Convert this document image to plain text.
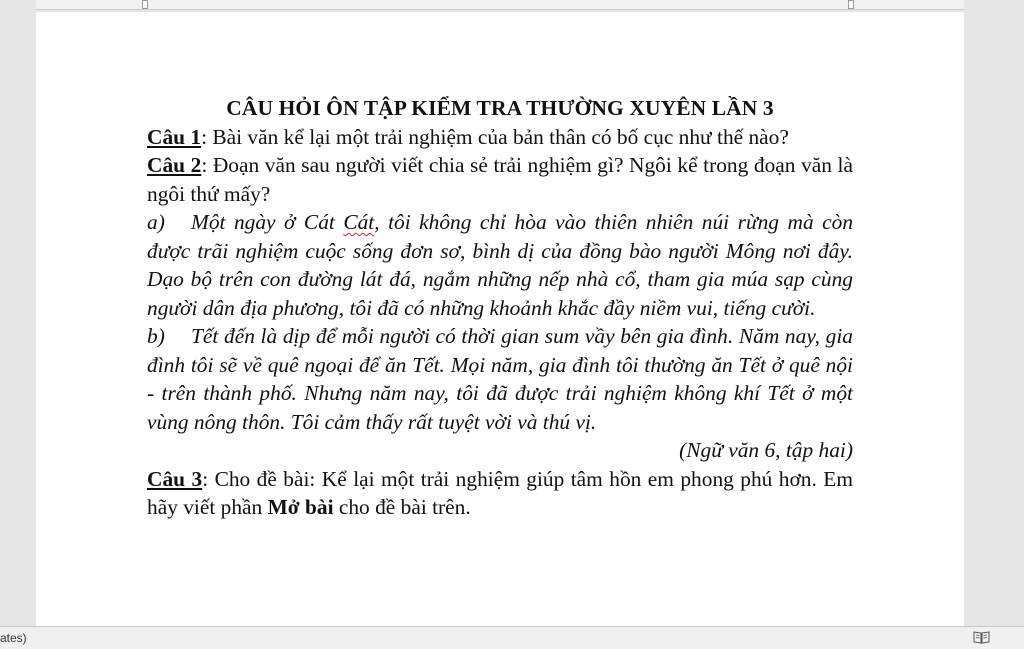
CÂU HỎI ÔN TẬP KIỂM TRA THƯỜNG XUYÊN LẦN 3
Câu 1: Bài văn kể lại một trải nghiệm của bản thân có bố cục như thế nào?
Câu 2: Đoạn văn sau người viết chia sẻ trải nghiệm gì? Ngôi kể trong đoạn văn là ngôi thứ mấy?
a) Một ngày ở Cát Cát, tôi không chỉ hòa vào thiên nhiên núi rừng mà còn được trãi nghiệm cuộc sống đơn sơ, bình dị của đồng bào người Mông nơi đây. Dạo bộ trên con đường lát đá, ngắm những nếp nhà cổ, tham gia múa sạp cùng người dân địa phương, tôi đã có những khoảnh khắc đầy niềm vui, tiếng cười.
b) Tết đến là dịp để mỗi người có thời gian sum vầy bên gia đình. Năm nay, gia đình tôi sẽ về quê ngoại để ăn Tết. Mọi năm, gia đình tôi thường ăn Tết ở quê nội - trên thành phố. Nhưng năm nay, tôi đã được trải nghiệm không khí Tết ở một vùng nông thôn. Tôi cảm thấy rất tuyệt vời và thú vị.
(Ngữ văn 6, tập hai)
Câu 3: Cho đề bài: Kể lại một trải nghiệm giúp tâm hồn em phong phú hơn. Em hãy viết phần Mở bài cho đề bài trên.
ates)
